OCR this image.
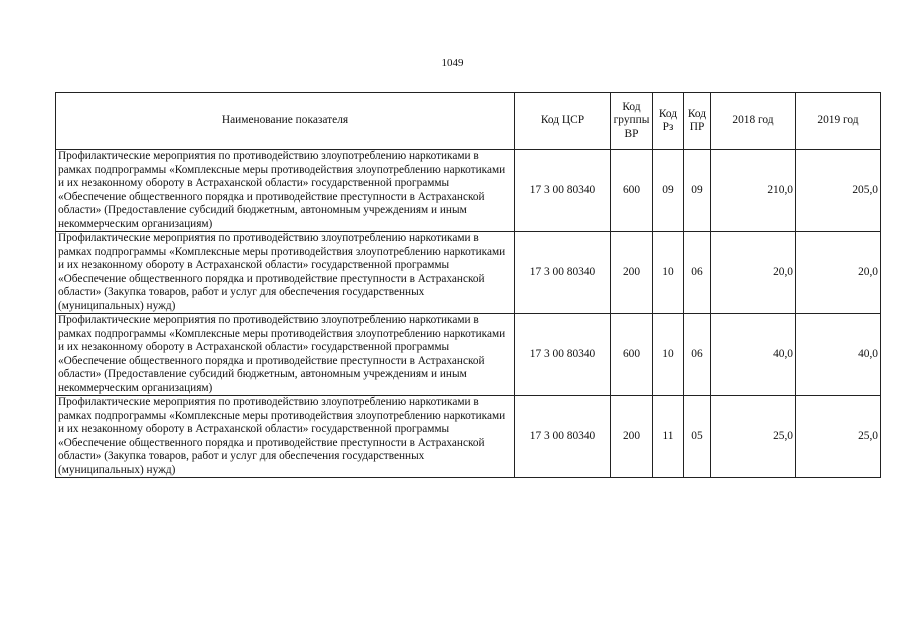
1049
Наименование показателя	Код ЦСР	Код группы ВР	Код Рз	Код ПР	2018 год	2019 год
Профилактические мероприятия по противодействию злоупотреблению наркотиками в рамках подпрограммы «Комплексные меры противодействия злоупотреблению наркотиками и их незаконному обороту в Астраханской области» государственной программы «Обеспечение общественного порядка и противодействие преступности в Астраханской области» (Предоставление субсидий бюджетным, автономным учреждениям и иным некоммерческим организациям)	17 3 00 80340	600	09	09	210,0	205,0
Профилактические мероприятия по противодействию злоупотреблению наркотиками в рамках подпрограммы «Комплексные меры противодействия злоупотреблению наркотиками и их незаконному обороту в Астраханской области» государственной программы «Обеспечение общественного порядка и противодействие преступности в Астраханской области» (Закупка товаров, работ и услуг для обеспечения государственных (муниципальных) нужд)	17 3 00 80340	200	10	06	20,0	20,0
Профилактические мероприятия по противодействию злоупотреблению наркотиками в рамках подпрограммы «Комплексные меры противодействия злоупотреблению наркотиками и их незаконному обороту в Астраханской области» государственной программы «Обеспечение общественного порядка и противодействие преступности в Астраханской области» (Предоставление субсидий бюджетным, автономным учреждениям и иным некоммерческим организациям)	17 3 00 80340	600	10	06	40,0	40,0
Профилактические мероприятия по противодействию злоупотреблению наркотиками в рамках подпрограммы «Комплексные меры противодействия злоупотреблению наркотиками и их незаконному обороту в Астраханской области» государственной программы «Обеспечение общественного порядка и противодействие преступности в Астраханской области» (Закупка товаров, работ и услуг для обеспечения государственных (муниципальных) нужд)	17 3 00 80340	200	11	05	25,0	25,0
